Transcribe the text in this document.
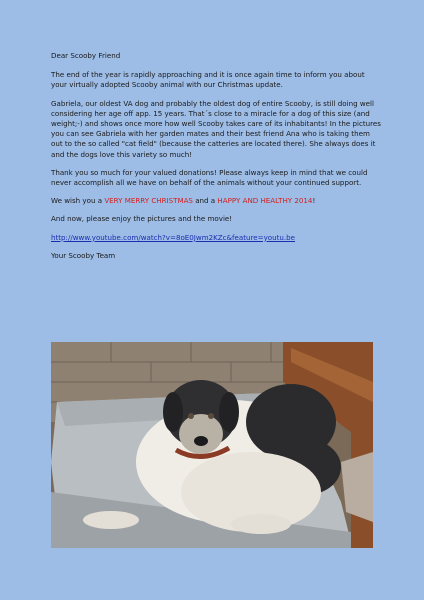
Dear Scooby Friend

The end of the year is rapidly approaching and it is once again time to inform you about your virtually adopted Scooby animal with our Christmas update.

Gabriela, our oldest VA dog and probably the oldest dog of entire Scooby, is still doing well considering her age off app. 15 years. That´s close to a miracle for a dog of this size (and weight;-) and shows once more how well Scooby takes care of its inhabitants! In the pictures you can see Gabriela with her garden mates and their best friend Ana who is taking them out to the so called "cat field" (because the catteries are located there). She always does it and the dogs love this variety so much!

Thank you so much for your valued donations! Please always keep in mind that we could never accomplish all we have on behalf of the animals without your continued support.

We wish you a VERY MERRY CHRISTMAS and a HAPPY AND HEALTHY 2014!

And now, please enjoy the pictures and the movie!

http://www.youtube.com/watch?v=8oE0Jwm2KZc&feature=youtu.be

Your Scooby Team
